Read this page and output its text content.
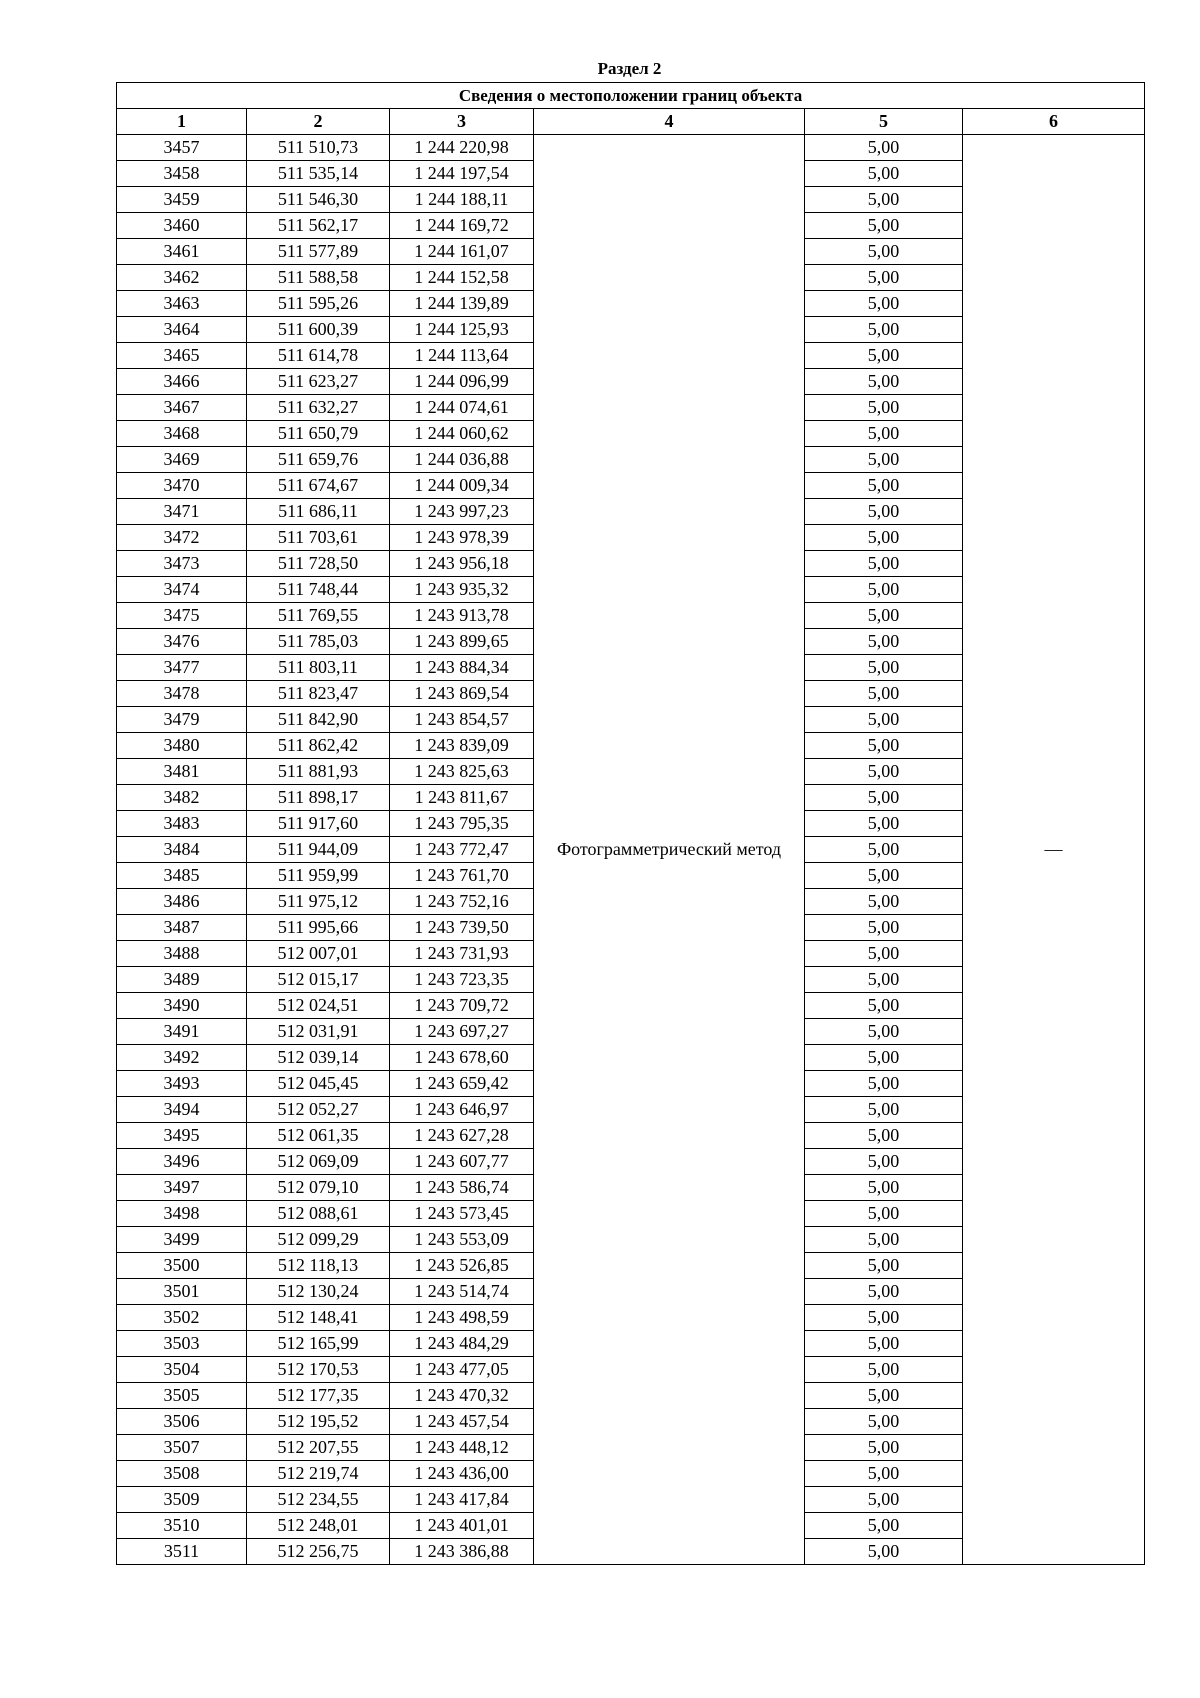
Раздел 2
Сведения о местоположении границ объекта					
1	2	3	4	5	6
3457	511 510,73	1 244 220,98	Фотограмметрический метод	5,00	—
3458	511 535,14	1 244 197,54		5,00	
3459	511 546,30	1 244 188,11		5,00	
3460	511 562,17	1 244 169,72		5,00	
3461	511 577,89	1 244 161,07		5,00	
3462	511 588,58	1 244 152,58		5,00	
3463	511 595,26	1 244 139,89		5,00	
3464	511 600,39	1 244 125,93		5,00	
3465	511 614,78	1 244 113,64		5,00	
3466	511 623,27	1 244 096,99		5,00	
3467	511 632,27	1 244 074,61		5,00	
3468	511 650,79	1 244 060,62		5,00	
3469	511 659,76	1 244 036,88		5,00	
3470	511 674,67	1 244 009,34		5,00	
3471	511 686,11	1 243 997,23		5,00	
3472	511 703,61	1 243 978,39		5,00	
3473	511 728,50	1 243 956,18		5,00	
3474	511 748,44	1 243 935,32		5,00	
3475	511 769,55	1 243 913,78		5,00	
3476	511 785,03	1 243 899,65		5,00	
3477	511 803,11	1 243 884,34		5,00	
3478	511 823,47	1 243 869,54		5,00	
3479	511 842,90	1 243 854,57		5,00	
3480	511 862,42	1 243 839,09		5,00	
3481	511 881,93	1 243 825,63		5,00	
3482	511 898,17	1 243 811,67		5,00	
3483	511 917,60	1 243 795,35		5,00	
3484	511 944,09	1 243 772,47		5,00	
3485	511 959,99	1 243 761,70		5,00	
3486	511 975,12	1 243 752,16		5,00	
3487	511 995,66	1 243 739,50		5,00	
3488	512 007,01	1 243 731,93		5,00	
3489	512 015,17	1 243 723,35		5,00	
3490	512 024,51	1 243 709,72		5,00	
3491	512 031,91	1 243 697,27		5,00	
3492	512 039,14	1 243 678,60		5,00	
3493	512 045,45	1 243 659,42		5,00	
3494	512 052,27	1 243 646,97		5,00	
3495	512 061,35	1 243 627,28		5,00	
3496	512 069,09	1 243 607,77		5,00	
3497	512 079,10	1 243 586,74		5,00	
3498	512 088,61	1 243 573,45		5,00	
3499	512 099,29	1 243 553,09		5,00	
3500	512 118,13	1 243 526,85		5,00	
3501	512 130,24	1 243 514,74		5,00	
3502	512 148,41	1 243 498,59		5,00	
3503	512 165,99	1 243 484,29		5,00	
3504	512 170,53	1 243 477,05		5,00	
3505	512 177,35	1 243 470,32		5,00	
3506	512 195,52	1 243 457,54		5,00	
3507	512 207,55	1 243 448,12		5,00	
3508	512 219,74	1 243 436,00		5,00	
3509	512 234,55	1 243 417,84		5,00	
3510	512 248,01	1 243 401,01		5,00	
3511	512 256,75	1 243 386,88		5,00	
